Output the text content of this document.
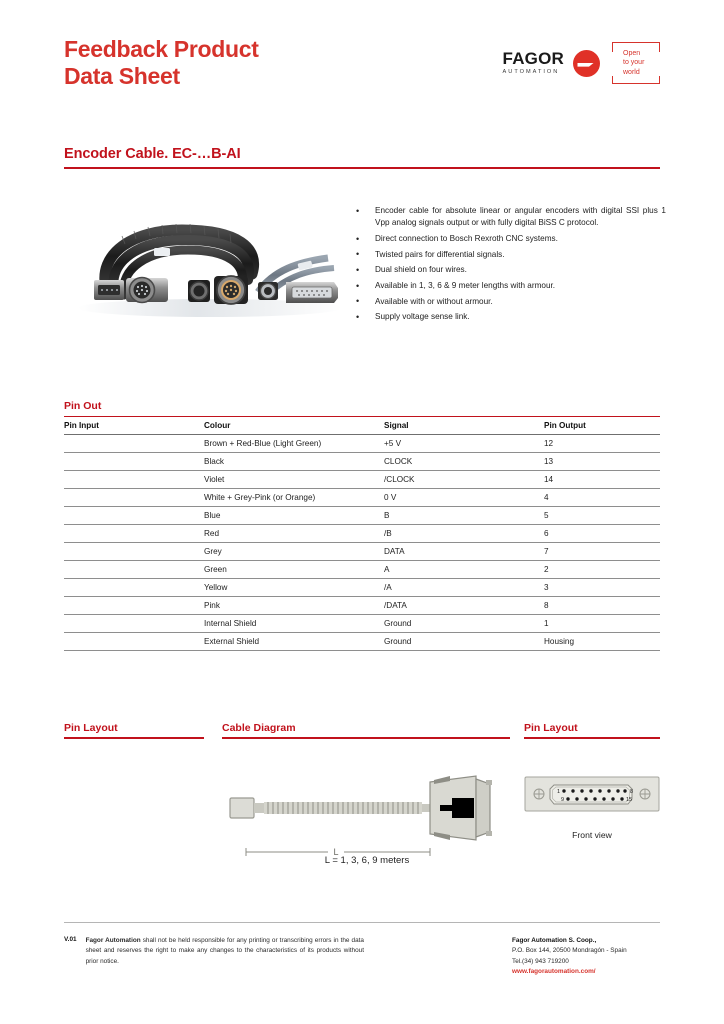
Feedback Product
Data Sheet
FAGOR
AUTOMATION
Open
to your
world
Encoder Cable. EC-…B-AI
• Encoder cable for absolute linear or angular encoders with digital SSI plus 1 Vpp analog signals output or with fully digital BiSS C protocol.
• Direct connection to Bosch Rexroth CNC systems.
• Twisted pairs for differential signals.
• Dual shield on four wires.
• Available in 1, 3, 6 & 9 meter lengths with armour.
• Available with or without armour.
• Supply voltage sense link.
Pin Out
Pin Input	Colour	Signal	Pin Output
	Brown + Red-Blue (Light Green)	+5 V	12
	Black	CLOCK	13
	Violet	/CLOCK	14
	White + Grey-Pink (or Orange)	0 V	4
	Blue	B	5
	Red	/B	6
	Grey	DATA	7
	Green	A	2
	Yellow	/A	3
	Pink	/DATA	8
	Internal Shield	Ground	1
	External Shield	Ground	Housing
Pin Layout	Cable Diagram	Pin Layout
L
L = 1, 3, 6, 9 meters
1	8
9	15
Front view
V.01 Fagor Automation shall not be held responsible for any printing or transcribing errors in the data sheet and reserves the right to make any changes to the characteristics of its products without prior notice.
Fagor Automation S. Coop.,
P.O. Box 144, 20500 Mondragón - Spain
Tel.(34) 943 719200
www.fagorautomation.com/
